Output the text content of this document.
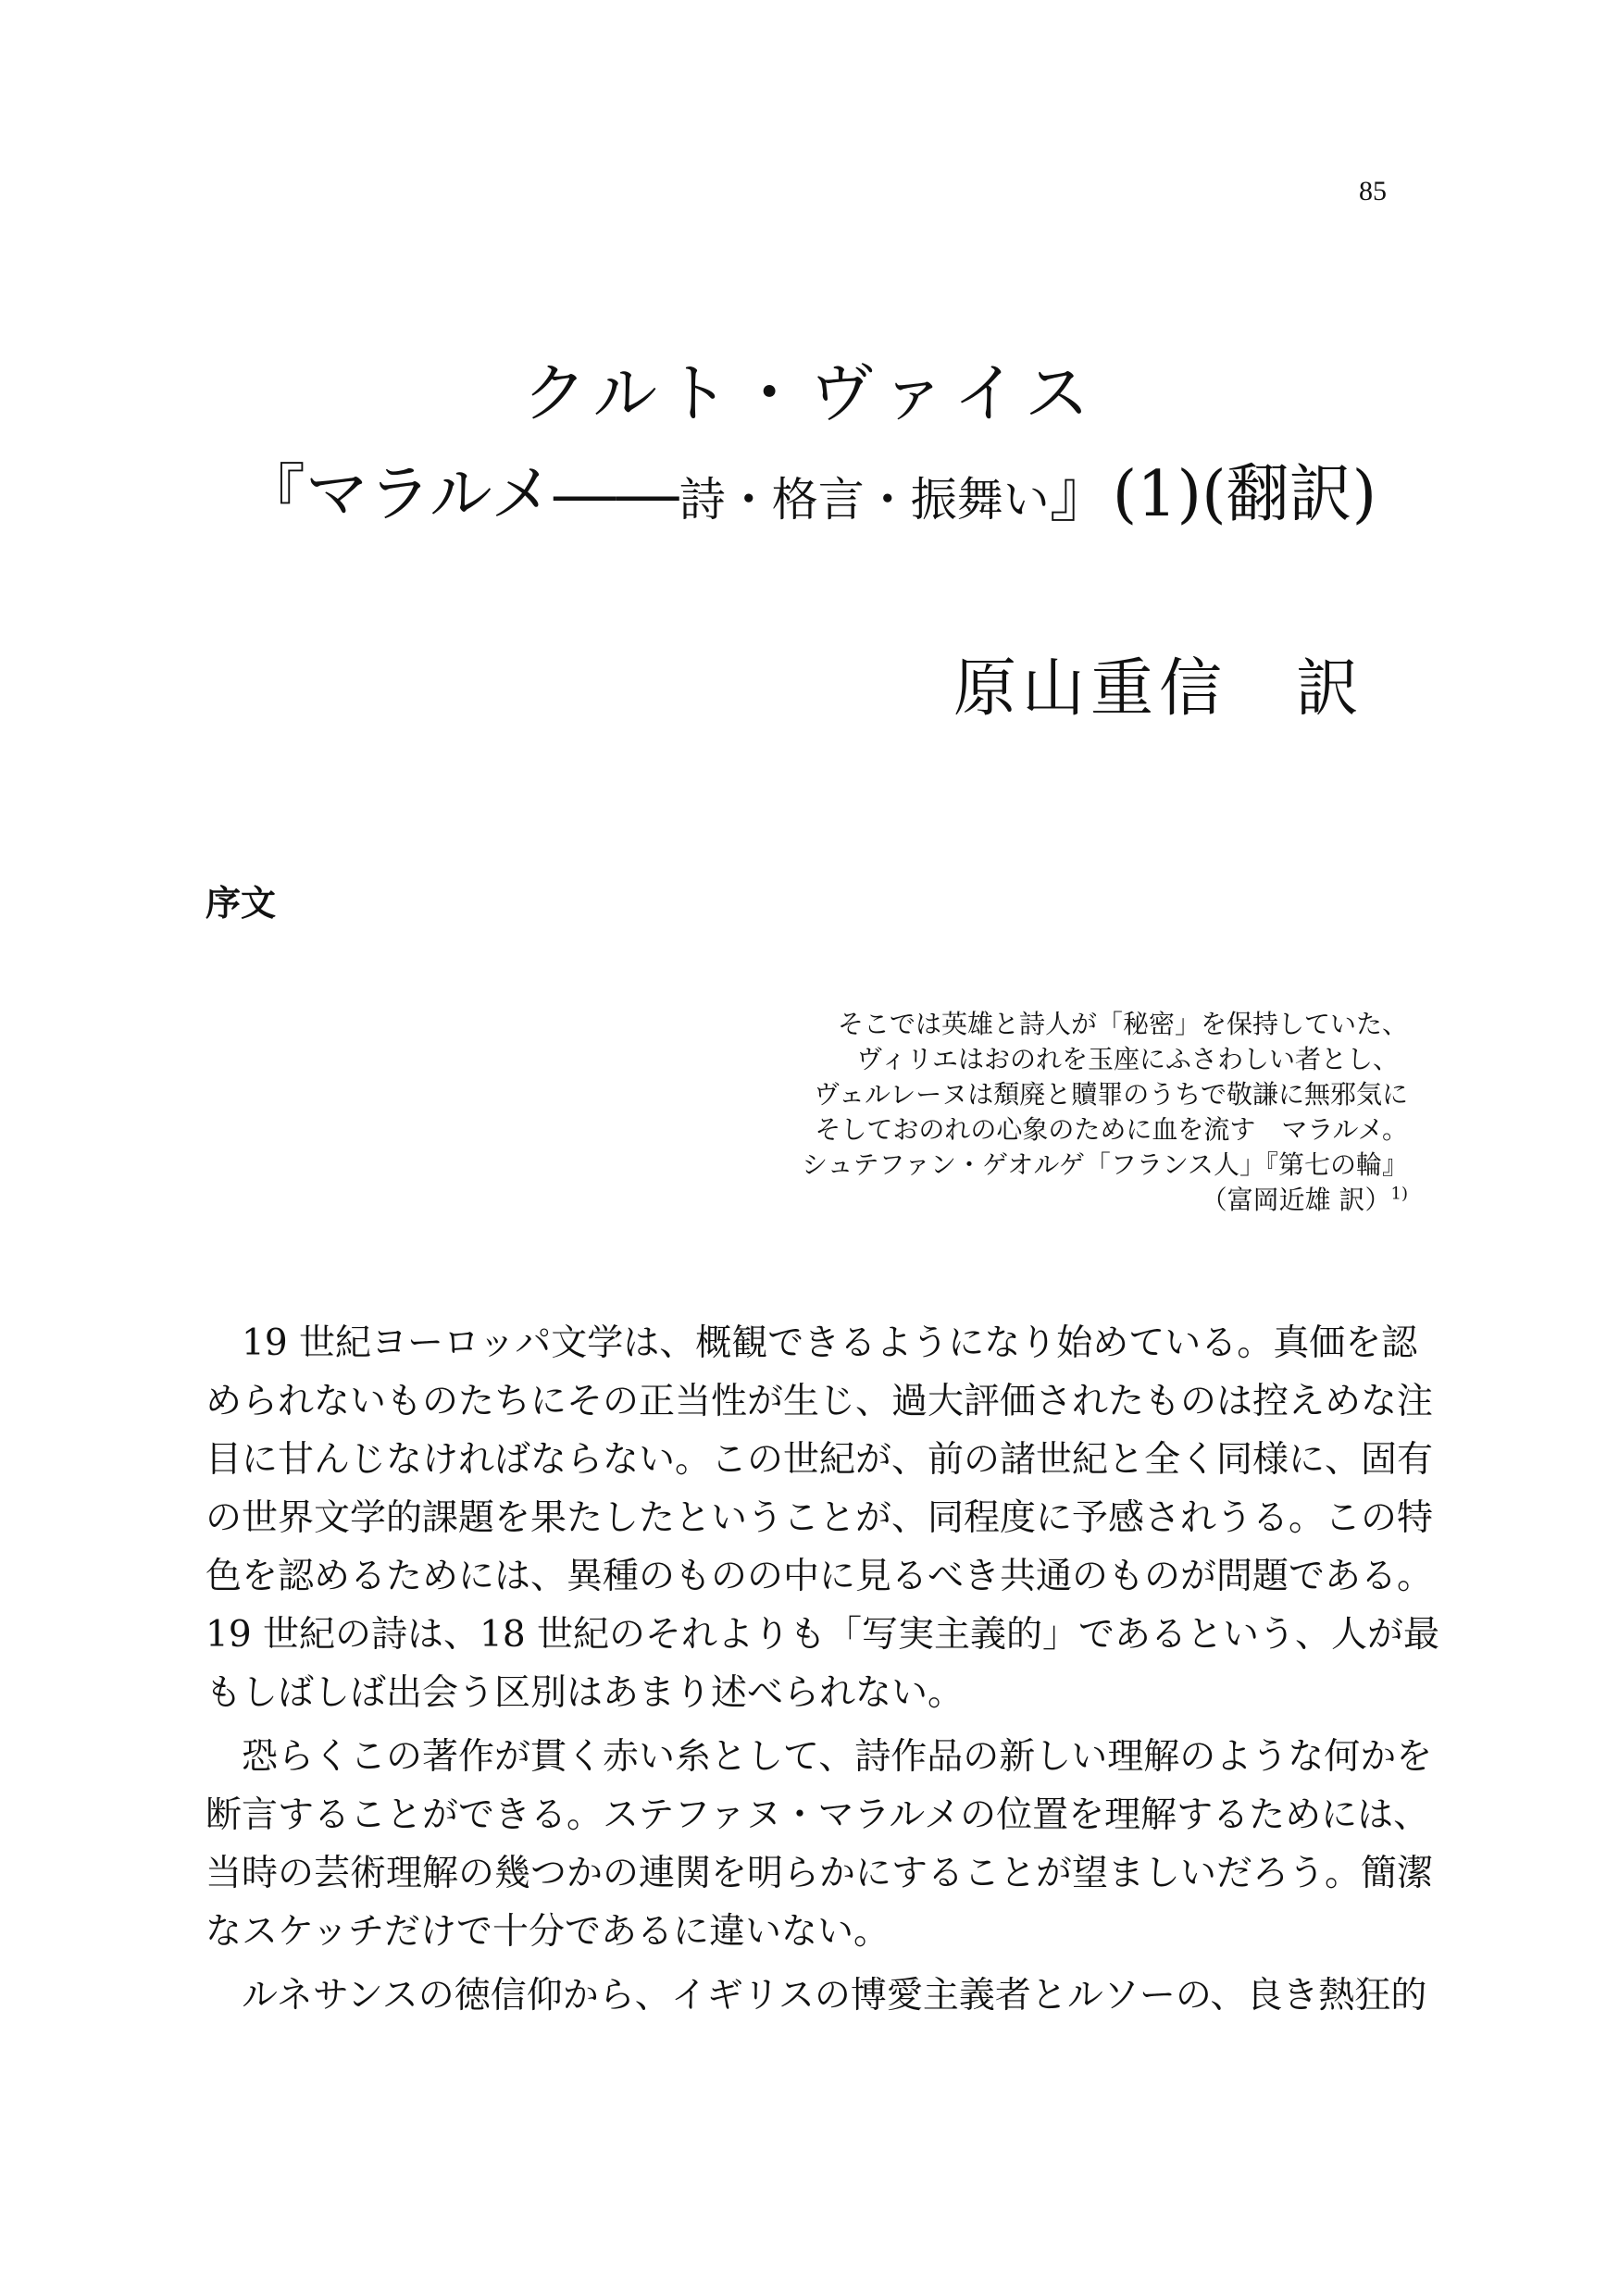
85
クルト・ヴァイス
『マラルメ――詩・格言・振舞い』(1)(翻訳)
原山重信　訳
序文
そこでは英雄と詩人が「秘密」を保持していた、
ヴィリエはおのれを玉座にふさわしい者とし、
ヴェルレーヌは頽廃と贖罪のうちで敬謙に無邪気に
そしておのれの心象のために血を流す　マラルメ。
シュテファン・ゲオルゲ「フランス人」『第七の輪』
（富岡近雄 訳）$^{1)}$
19 世紀ヨーロッパ文学は、概観できるようになり始めている。真価を認
められないものたちにその正当性が生じ、過大評価されたものは控えめな注
目に甘んじなければならない。この世紀が、前の諸世紀と全く同様に、固有
の世界文学的課題を果たしたということが、同程度に予感されうる。この特
色を認めるためには、異種のものの中に見るべき共通のものが問題である。
19 世紀の詩は、18 世紀のそれよりも「写実主義的」であるという、人が最
もしばしば出会う区別はあまり述べられない。
恐らくこの著作が貫く赤い糸として、詩作品の新しい理解のような何かを
断言することができる。ステファヌ・マラルメの位置を理解するためには、
当時の芸術理解の幾つかの連関を明らかにすることが望ましいだろう。簡潔
なスケッチだけで十分であるに違いない。
ルネサンスの徳信仰から、イギリスの博愛主義者とルソーの、良き熱狂的
